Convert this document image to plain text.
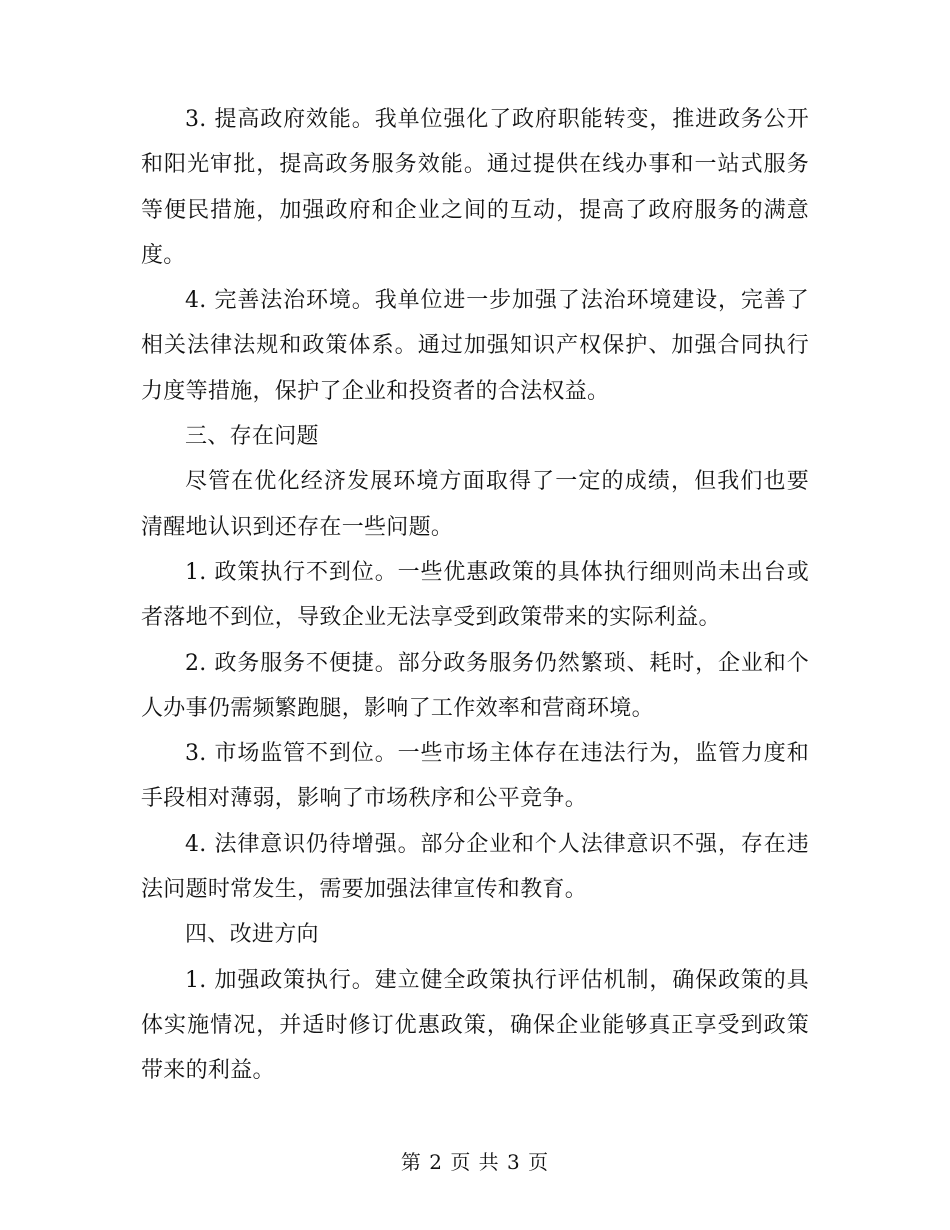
3. 提高政府效能。我单位强化了政府职能转变，推进政务公开和阳光审批，提高政务服务效能。通过提供在线办事和一站式服务等便民措施，加强政府和企业之间的互动，提高了政府服务的满意度。

4. 完善法治环境。我单位进一步加强了法治环境建设，完善了相关法律法规和政策体系。通过加强知识产权保护、加强合同执行力度等措施，保护了企业和投资者的合法权益。

三、存在问题

尽管在优化经济发展环境方面取得了一定的成绩，但我们也要清醒地认识到还存在一些问题。

1. 政策执行不到位。一些优惠政策的具体执行细则尚未出台或者落地不到位，导致企业无法享受到政策带来的实际利益。

2. 政务服务不便捷。部分政务服务仍然繁琐、耗时，企业和个人办事仍需频繁跑腿，影响了工作效率和营商环境。

3. 市场监管不到位。一些市场主体存在违法行为，监管力度和手段相对薄弱，影响了市场秩序和公平竞争。

4. 法律意识仍待增强。部分企业和个人法律意识不强，存在违法问题时常发生，需要加强法律宣传和教育。

四、改进方向

1. 加强政策执行。建立健全政策执行评估机制，确保政策的具体实施情况，并适时修订优惠政策，确保企业能够真正享受到政策带来的利益。

第 2 页 共 3 页
